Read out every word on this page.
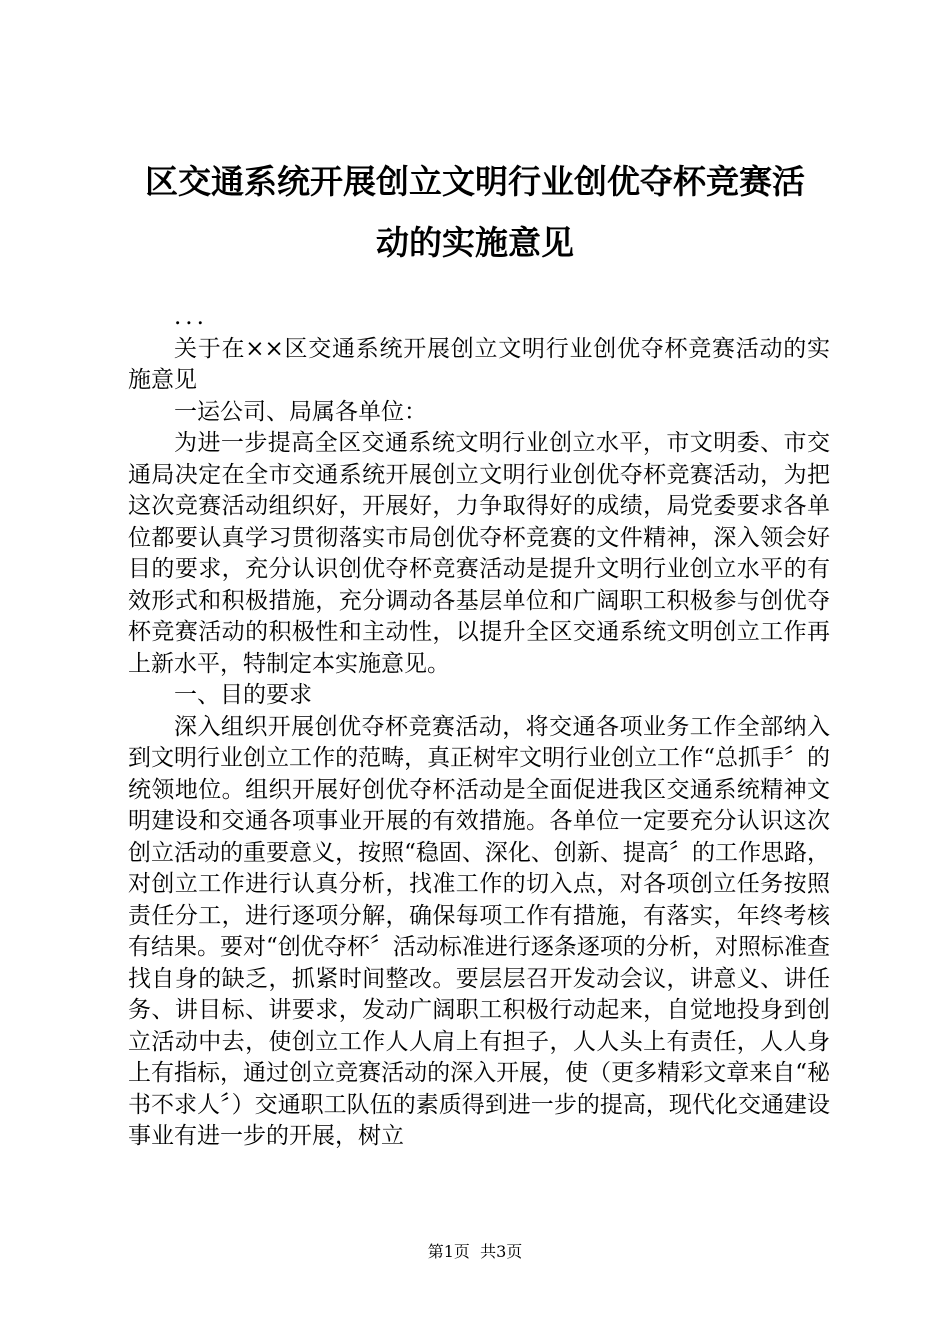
区交通系统开展创立文明行业创优夺杯竞赛活
动的实施意见

...

关于在××区交通系统开展创立文明行业创优夺杯竞赛活动的实施意见

一运公司、局属各单位：

为进一步提高全区交通系统文明行业创立水平，市文明委、市交通局决定在全市交通系统开展创立文明行业创优夺杯竞赛活动，为把这次竞赛活动组织好，开展好，力争取得好的成绩，局党委要求各单位都要认真学习贯彻落实市局创优夺杯竞赛的文件精神，深入领会好目的要求，充分认识创优夺杯竞赛活动是提升文明行业创立水平的有效形式和积极措施，充分调动各基层单位和广阔职工积极参与创优夺杯竞赛活动的积极性和主动性，以提升全区交通系统文明创立工作再上新水平，特制定本实施意见。

一、目的要求

深入组织开展创优夺杯竞赛活动，将交通各项业务工作全部纳入到文明行业创立工作的范畴，真正树牢文明行业创立工作“总抓手〞的统领地位。组织开展好创优夺杯活动是全面促进我区交通系统精神文明建设和交通各项事业开展的有效措施。各单位一定要充分认识这次创立活动的重要意义，按照“稳固、深化、创新、提高〞的工作思路，对创立工作进行认真分析，找准工作的切入点，对各项创立任务按照责任分工，进行逐项分解，确保每项工作有措施，有落实，年终考核有结果。要对“创优夺杯〞活动标准进行逐条逐项的分析，对照标准查找自身的缺乏，抓紧时间整改。要层层召开发动会议，讲意义、讲任务、讲目标、讲要求，发动广阔职工积极行动起来，自觉地投身到创立活动中去，使创立工作人人肩上有担子，人人头上有责任，人人身上有指标，通过创立竞赛活动的深入开展，使（更多精彩文章来自“秘书不求人〞）交通职工队伍的素质得到进一步的提高，现代化交通建设事业有进一步的开展，树立

第1页  共3页
